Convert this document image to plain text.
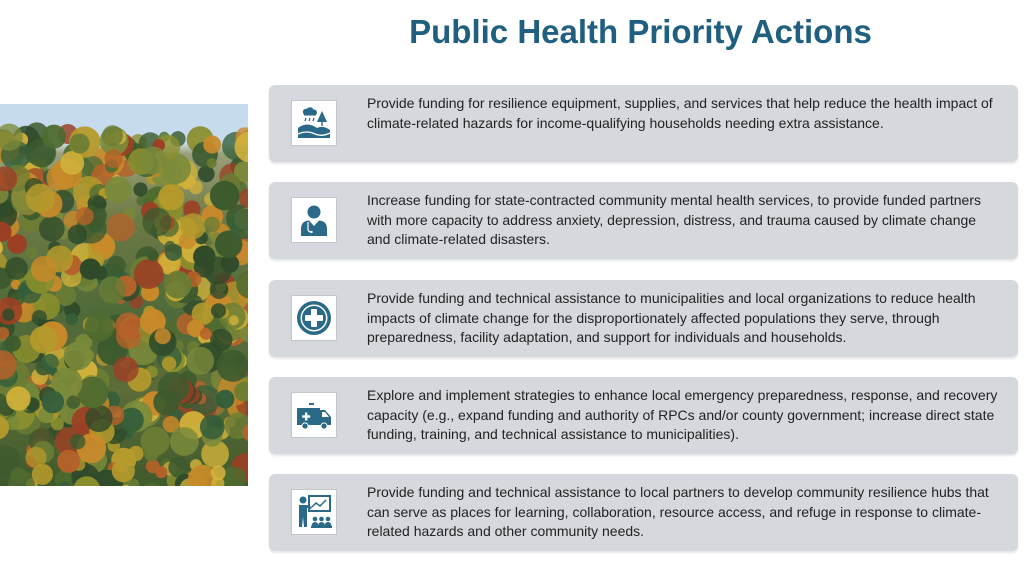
Public Health Priority Actions

Provide funding for resilience equipment, supplies, and services that help reduce the health impact of climate-related hazards for income-qualifying households needing extra assistance.

Increase funding for state-contracted community mental health services, to provide funded partners with more capacity to address anxiety, depression, distress, and trauma caused by climate change and climate-related disasters.

Provide funding and technical assistance to municipalities and local organizations to reduce health impacts of climate change for the disproportionately affected populations they serve, through preparedness, facility adaptation, and support for individuals and households.

Explore and implement strategies to enhance local emergency preparedness, response, and recovery capacity (e.g., expand funding and authority of RPCs and/or county government; increase direct state funding, training, and technical assistance to municipalities).

Provide funding and technical assistance to local partners to develop community resilience hubs that can serve as places for learning, collaboration, resource access, and refuge in response to climate-related hazards and other community needs.
